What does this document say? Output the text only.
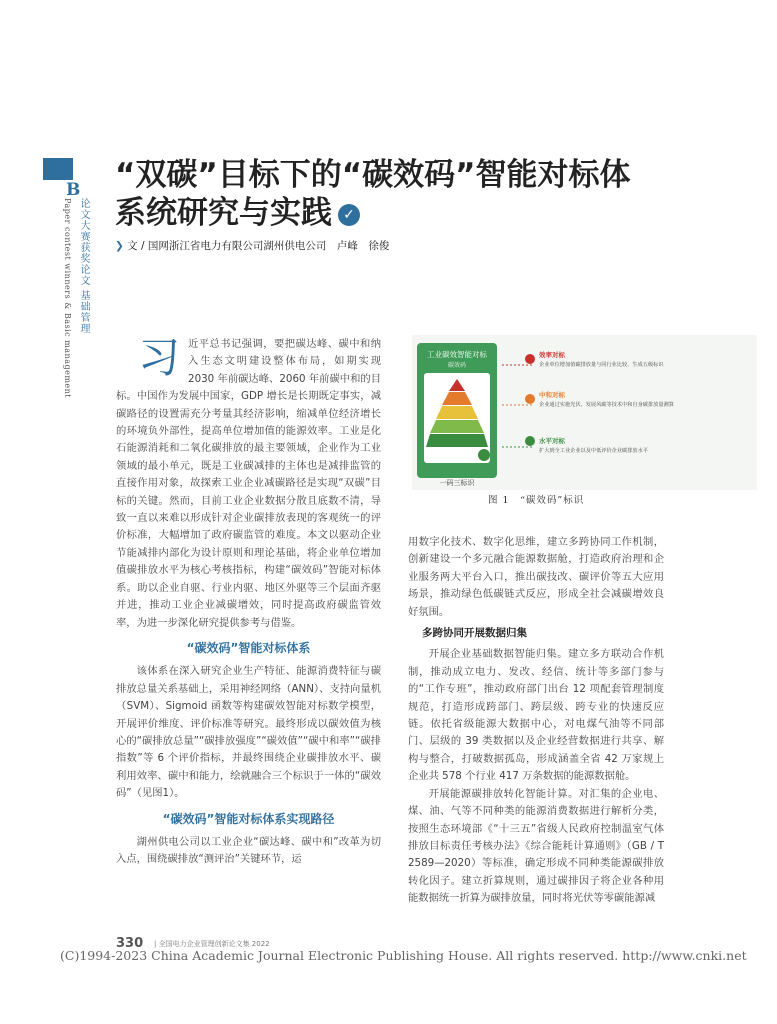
B
论文大赛获奖论文 基础管理
Paper contest winners & Basic management
“双碳”目标下的“碳效码”智能对标体
系统研究与实践 ✓
❯ 文 / 国网浙江省电力有限公司湖州供电公司　卢峰　徐俊

习近平总书记强调，要把碳达峰、碳中和纳入生态文明建设整体布局，如期实现 2030 年前碳达峰、2060 年前碳中和的目标。中国作为发展中国家，GDP 增长是长期既定事实，减碳路径的设置需充分考量其经济影响，缩减单位经济增长的环境负外部性，提高单位增加值的能源效率。工业是化石能源消耗和二氧化碳排放的最主要领域，企业作为工业领域的最小单元，既是工业碳减排的主体也是减排监管的直接作用对象，故探索工业企业减碳路径是实现“双碳”目标的关键。然而，目前工业企业数据分散且底数不清，导致一直以来难以形成针对企业碳排放表现的客观统一的评价标准，大幅增加了政府碳监管的难度。本文以驱动企业节能减排内部化为设计原则和理论基础，将企业单位增加值碳排放水平为核心考核指标，构建“碳效码”智能对标体系。助以企业自驱、行业内驱、地区外驱等三个层面齐驱并进，推动工业企业减碳增效，同时提高政府碳监管效率，为进一步深化研究提供参考与借鉴。

“碳效码”智能对标体系

该体系在深入研究企业生产特征、能源消费特征与碳排放总量关系基础上，采用神经网络（ANN）、支持向量机（SVM）、Sigmoid 函数等构建碳效智能对标数学模型，开展评价维度、评价标准等研究。最终形成以碳效值为核心的“碳排放总量”“碳排放强度”“碳效值”“碳中和率”“碳排指数”等 6 个评价指标，并最终围绕企业碳排放水平、碳利用效率、碳中和能力，绘就融合三个标识于一体的“碳效码”（见图1）。

“碳效码”智能对标体系实现路径

湖州供电公司以工业企业“碳达峰、碳中和”改革为切入点，围绕碳排放“测评治”关键环节，运

工业碳效智能对标
碳效码
一码三标识
效率对标
企业单位增加值碳排放量与同行业比较，生成五级标识
中和对标
企业通过实施光伏、发展风碳等技术中和自身碳排放量测算
水平对标
扩大到全工业企业以及中低评价企业碳排放水平
图 1　“碳效码”标识

用数字化技术、数字化思维，建立多跨协同工作机制，创新建设一个多元融合能源数据舱，打造政府治理和企业服务两大平台入口，推出碳技改、碳评价等五大应用场景，推动绿色低碳链式反应，形成全社会减碳增效良好氛围。

多跨协同开展数据归集

开展企业基础数据智能归集。建立多方联动合作机制，推动成立电力、发改、经信、统计等多部门参与的“工作专班”，推动政府部门出台 12 项配套管理制度规范，打造形成跨部门、跨层级、跨专业的快速反应链。依托省级能源大数据中心，对电煤气油等不同部门、层级的 39 类数据以及企业经营数据进行共享、解构与整合，打破数据孤岛，形成涵盖全省 42 万家规上企业共 578 个行业 417 万条数据的能源数据舱。

开展能源碳排放转化智能计算。对汇集的企业电、煤、油、气等不同种类的能源消费数据进行解析分类，按照生态环境部《“十三五”省级人民政府控制温室气体排放目标责任考核办法》《综合能耗计算通则》（GB / T 2589—2020）等标准，确定形成不同种类能源碳排放转化因子。建立折算规则，通过碳排因子将企业各种用能数据统一折算为碳排放量，同时将光伏等零碳能源减

330 | 全国电力企业管理创新论文集 2022
(C)1994-2023 China Academic Journal Electronic Publishing House. All rights reserved. http://www.cnki.net
